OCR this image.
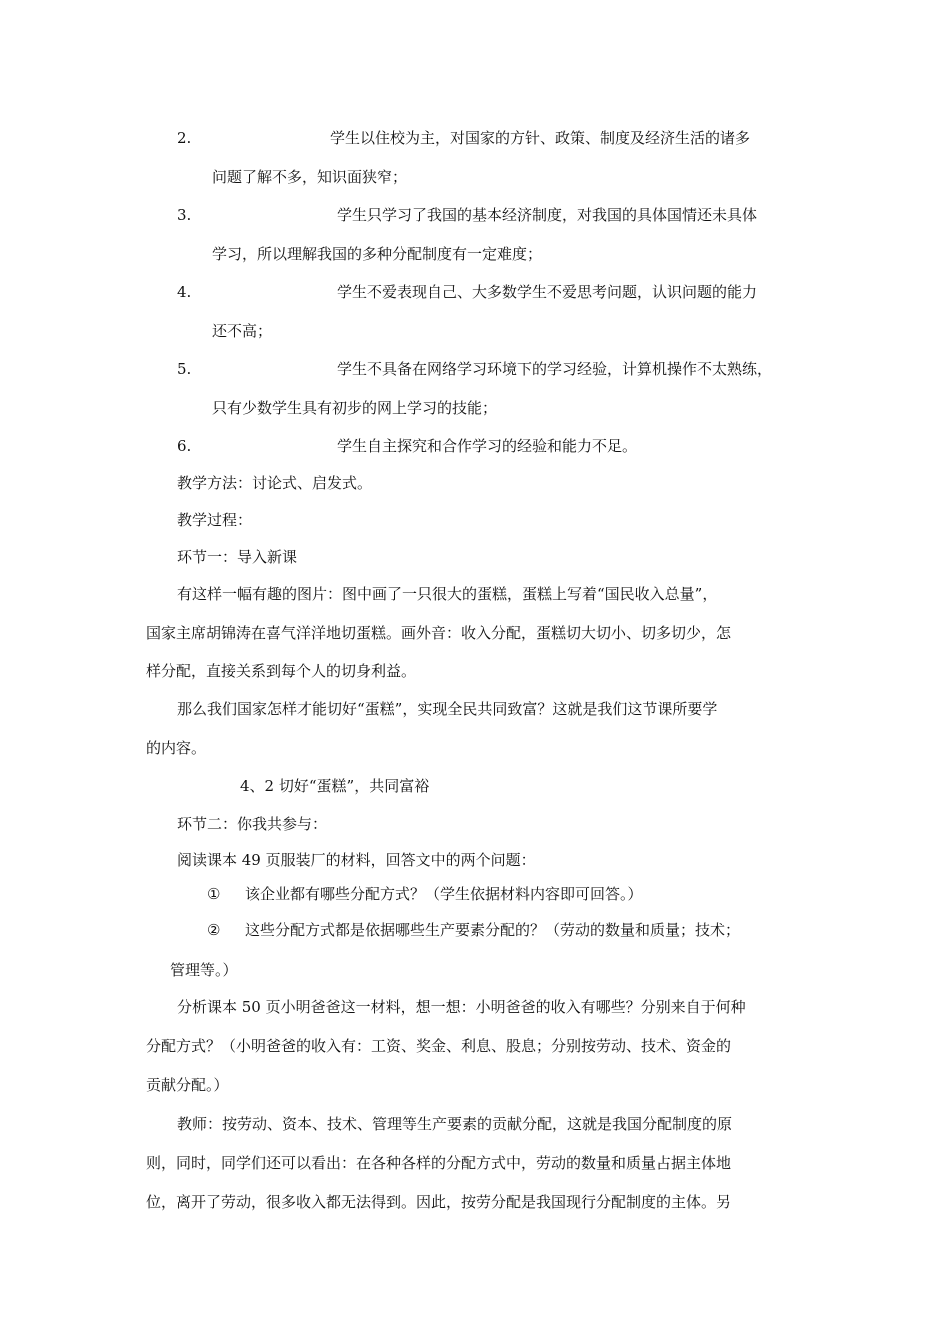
2.	学生以住校为主，对国家的方针、政策、制度及经济生活的诸多
问题了解不多，知识面狭窄；
3.	学生只学习了我国的基本经济制度，对我国的具体国情还未具体
学习，所以理解我国的多种分配制度有一定难度；
4.	学生不爱表现自己、大多数学生不爱思考问题，认识问题的能力
还不高；
5.	学生不具备在网络学习环境下的学习经验，计算机操作不太熟练，
只有少数学生具有初步的网上学习的技能；
6.	学生自主探究和合作学习的经验和能力不足。
教学方法：讨论式、启发式。
教学过程：
环节一：导入新课
有这样一幅有趣的图片：图中画了一只很大的蛋糕，蛋糕上写着“国民收入总量”，
国家主席胡锦涛在喜气洋洋地切蛋糕。画外音：收入分配，蛋糕切大切小、切多切少，怎
样分配，直接关系到每个人的切身利益。
那么我们国家怎样才能切好“蛋糕”，实现全民共同致富？这就是我们这节课所要学
的内容。
4、2 切好“蛋糕”，共同富裕
环节二：你我共参与：
阅读课本 49 页服装厂的材料，回答文中的两个问题：
① 该企业都有哪些分配方式？（学生依据材料内容即可回答。）
② 这些分配方式都是依据哪些生产要素分配的？（劳动的数量和质量；技术；
管理等。）
分析课本 50 页小明爸爸这一材料，想一想：小明爸爸的收入有哪些？分别来自于何种
分配方式？（小明爸爸的收入有：工资、奖金、利息、股息；分别按劳动、技术、资金的
贡献分配。）
教师：按劳动、资本、技术、管理等生产要素的贡献分配，这就是我国分配制度的原
则，同时，同学们还可以看出：在各种各样的分配方式中，劳动的数量和质量占据主体地
位，离开了劳动，很多收入都无法得到。因此，按劳分配是我国现行分配制度的主体。另
